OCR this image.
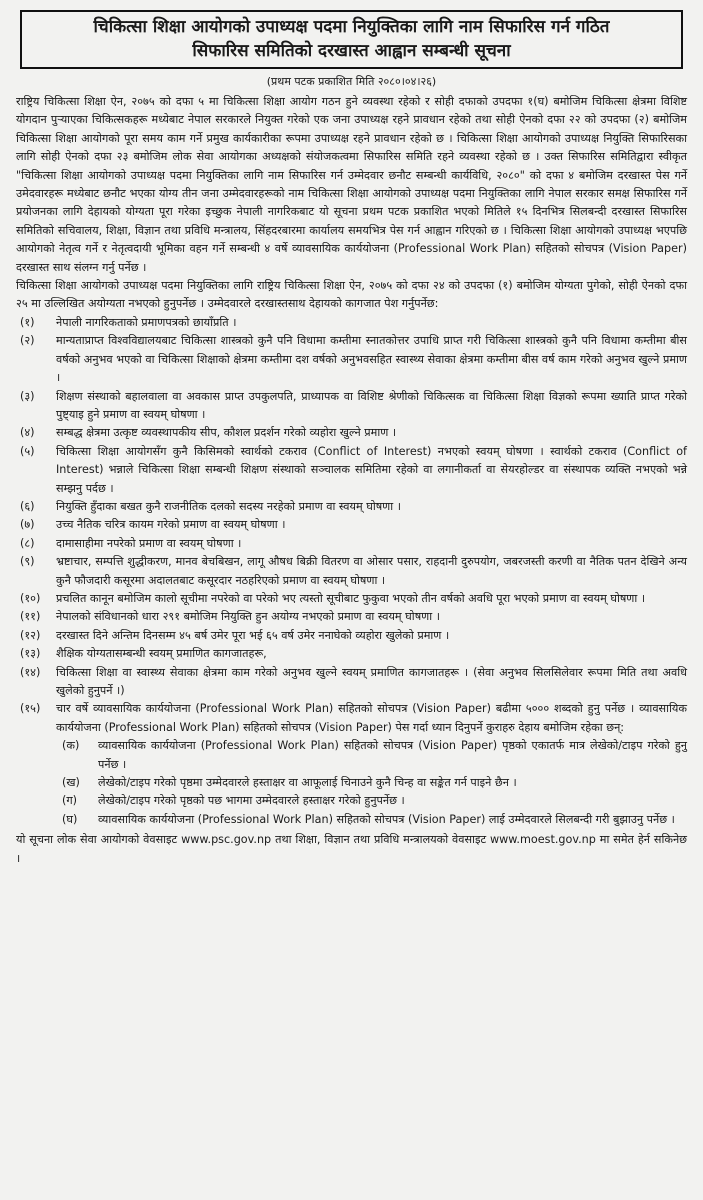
चिकित्सा शिक्षा आयोगको उपाध्यक्ष पदमा नियुक्तिका लागि नाम सिफारिस गर्न गठित
सिफारिस समितिको दरखास्त आह्वान सम्बन्धी सूचना
(प्रथम पटक प्रकाशित मिति २०८०।०४।२६)

राष्ट्रिय चिकित्सा शिक्षा ऐन, २०७५ को दफा ५ मा चिकित्सा शिक्षा आयोग गठन हुने व्यवस्था रहेको र सोही दफाको उपदफा १(घ) बमोजिम चिकित्सा क्षेत्रमा विशिष्ट योगदान पुऱ्याएका चिकित्सकहरू मध्येबाट नेपाल सरकारले नियुक्त गरेको एक जना उपाध्यक्ष रहने प्रावधान रहेको तथा सोही ऐनको दफा २२ को उपदफा (२) बमोजिम चिकित्सा शिक्षा आयोगको पूरा समय काम गर्ने प्रमुख कार्यकारीका रूपमा उपाध्यक्ष रहने प्रावधान रहेको छ । चिकित्सा शिक्षा आयोगको उपाध्यक्ष नियुक्ति सिफारिसका लागि सोही ऐनको दफा २३ बमोजिम लोक सेवा आयोगका अध्यक्षको संयोजकत्वमा सिफारिस समिति रहने व्यवस्था रहेको छ । उक्त सिफारिस समितिद्वारा स्वीकृत "चिकित्सा शिक्षा आयोगको उपाध्यक्ष पदमा नियुक्तिका लागि नाम सिफारिस गर्न उम्मेदवार छनौट सम्बन्धी कार्यविधि, २०८०" को दफा ४ बमोजिम दरखास्त पेस गर्ने उमेदवारहरू मध्येबाट छनौट भएका योग्य तीन जना उम्मेदवारहरूको नाम चिकित्सा शिक्षा आयोगको उपाध्यक्ष पदमा नियुक्तिका लागि नेपाल सरकार समक्ष सिफारिस गर्ने प्रयोजनका लागि देहायको योग्यता पूरा गरेका इच्छुक नेपाली नागरिकबाट यो सूचना प्रथम पटक प्रकाशित भएको मितिले १५ दिनभित्र सिलबन्दी दरखास्त सिफारिस समितिको सचिवालय, शिक्षा, विज्ञान तथा प्रविधि मन्त्रालय, सिंहदरबारमा कार्यालय समयभित्र पेस गर्न आह्वान गरिएको छ । चिकित्सा शिक्षा आयोगको उपाध्यक्ष भएपछि आयोगको नेतृत्व गर्ने र नेतृत्वदायी भूमिका वहन गर्ने सम्बन्धी ४ वर्षे व्यावसायिक कार्ययोजना (Professional Work Plan) सहितको सोचपत्र (Vision Paper) दरखास्त साथ संलग्न गर्नु पर्नेछ ।

चिकित्सा शिक्षा आयोगको उपाध्यक्ष पदमा नियुक्तिका लागि राष्ट्रिय चिकित्सा शिक्षा ऐन, २०७५ को दफा २४ को उपदफा (१) बमोजिम योग्यता पुगेको, सोही ऐनको दफा २५ मा उल्लिखित अयोग्यता नभएको हुनुपर्नेछ । उम्मेदवारले दरखास्तसाथ देहायको कागजात पेश गर्नुपर्नेछ:

(१)	नेपाली नागरिकताको प्रमाणपत्रको छायाँप्रति ।
(२)	मान्यताप्राप्त विश्वविद्यालयबाट चिकित्सा शास्त्रको कुनै पनि विधामा कम्तीमा स्नातकोत्तर उपाधि प्राप्त गरी चिकित्सा शास्त्रको कुनै पनि विधामा कम्तीमा बीस वर्षको अनुभव भएको वा चिकित्सा शिक्षाको क्षेत्रमा कम्तीमा दश वर्षको अनुभवसहित स्वास्थ्य सेवाका क्षेत्रमा कम्तीमा बीस वर्ष काम गरेको अनुभव खुल्ने प्रमाण ।
(३)	शिक्षण संस्थाको बहालवाला वा अवकास प्राप्त उपकुलपति, प्राध्यापक वा विशिष्ट श्रेणीको चिकित्सक वा चिकित्सा शिक्षा विज्ञको रूपमा ख्याति प्राप्त गरेको पुष्ट्याइ हुने प्रमाण वा स्वयम् घोषणा ।
(४)	सम्बद्ध क्षेत्रमा उत्कृष्ट व्यवस्थापकीय सीप, कौशल प्रदर्शन गरेको व्यहोरा खुल्ने प्रमाण ।
(५)	चिकित्सा शिक्षा आयोगसँग कुनै किसिमको स्वार्थको टकराव (Conflict of Interest) नभएको स्वयम् घोषणा । स्वार्थको टकराव (Conflict of Interest) भन्नाले चिकित्सा शिक्षा सम्बन्धी शिक्षण संस्थाको सञ्चालक समितिमा रहेको वा लगानीकर्ता वा सेयरहोल्डर वा संस्थापक व्यक्ति नभएको भन्ने सम्झनु पर्दछ ।
(६)	नियुक्ति हुँदाका बखत कुनै राजनीतिक दलको सदस्य नरहेको प्रमाण वा स्वयम् घोषणा ।
(७)	उच्च नैतिक चरित्र कायम गरेको प्रमाण वा स्वयम् घोषणा ।
(८)	दामासाहीमा नपरेको प्रमाण वा स्वयम् घोषणा ।
(९)	भ्रष्टाचार, सम्पत्ति शुद्धीकरण, मानव बेचबिखन, लागू औषध बिक्री वितरण वा ओसार पसार, राहदानी दुरुपयोग, जबरजस्ती करणी वा नैतिक पतन देखिने अन्य कुनै फौजदारी कसूरमा अदालतबाट कसूरदार नठहरिएको प्रमाण वा स्वयम् घोषणा ।
(१०)	प्रचलित कानून बमोजिम कालो सूचीमा नपरेको वा परेको भए त्यस्तो सूचीबाट फुकुवा भएको तीन वर्षको अवधि पूरा भएको प्रमाण वा स्वयम् घोषणा ।
(११)	नेपालको संविधानको धारा २९१ बमोजिम नियुक्ति हुन अयोग्य नभएको प्रमाण वा स्वयम् घोषणा ।
(१२)	दरखास्त दिने अन्तिम दिनसम्म ४५ बर्ष उमेर पूरा भई ६५ वर्ष उमेर ननाघेको व्यहोरा खुलेको प्रमाण ।
(१३)	शैक्षिक योग्यतासम्बन्धी स्वयम् प्रमाणित कागजातहरू,
(१४)	चिकित्सा शिक्षा वा स्वास्थ्य सेवाका क्षेत्रमा काम गरेको अनुभव खुल्ने स्वयम् प्रमाणित कागजातहरू । (सेवा अनुभव सिलसिलेवार रूपमा मिति तथा अवधि खुलेको हुनुपर्ने ।)
(१५)	चार वर्षे व्यावसायिक कार्ययोजना (Professional Work Plan) सहितको सोचपत्र (Vision Paper) बढीमा ५००० शब्दको हुनु पर्नेछ । व्यावसायिक कार्ययोजना (Professional Work Plan) सहितको सोचपत्र (Vision Paper) पेस गर्दा ध्यान दिनुपर्ने कुराहरु देहाय बमोजिम रहेका छन्:
(क)	व्यावसायिक कार्ययोजना (Professional Work Plan) सहितको सोचपत्र (Vision Paper) पृष्ठको एकातर्फ मात्र लेखेको/टाइप गरेको हुनु पर्नेछ ।
(ख)	लेखेको/टाइप गरेको पृष्ठमा उम्मेदवारले हस्ताक्षर वा आफूलाई चिनाउने कुनै चिन्ह वा सङ्केत गर्न पाइने छैन ।
(ग)	लेखेको/टाइप गरेको पृष्ठको पछ भागमा उम्मेदवारले हस्ताक्षर गरेको हुनुपर्नेछ ।
(घ)	व्यावसायिक कार्ययोजना (Professional Work Plan) सहितको सोचपत्र (Vision Paper) लाई उम्मेदवारले सिलबन्दी गरी बुझाउनु पर्नेछ ।

यो सूचना लोक सेवा आयोगको वेवसाइट www.psc.gov.np तथा शिक्षा, विज्ञान तथा प्रविधि मन्त्रालयको वेवसाइट www.moest.gov.np मा समेत हेर्न सकिनेछ ।
